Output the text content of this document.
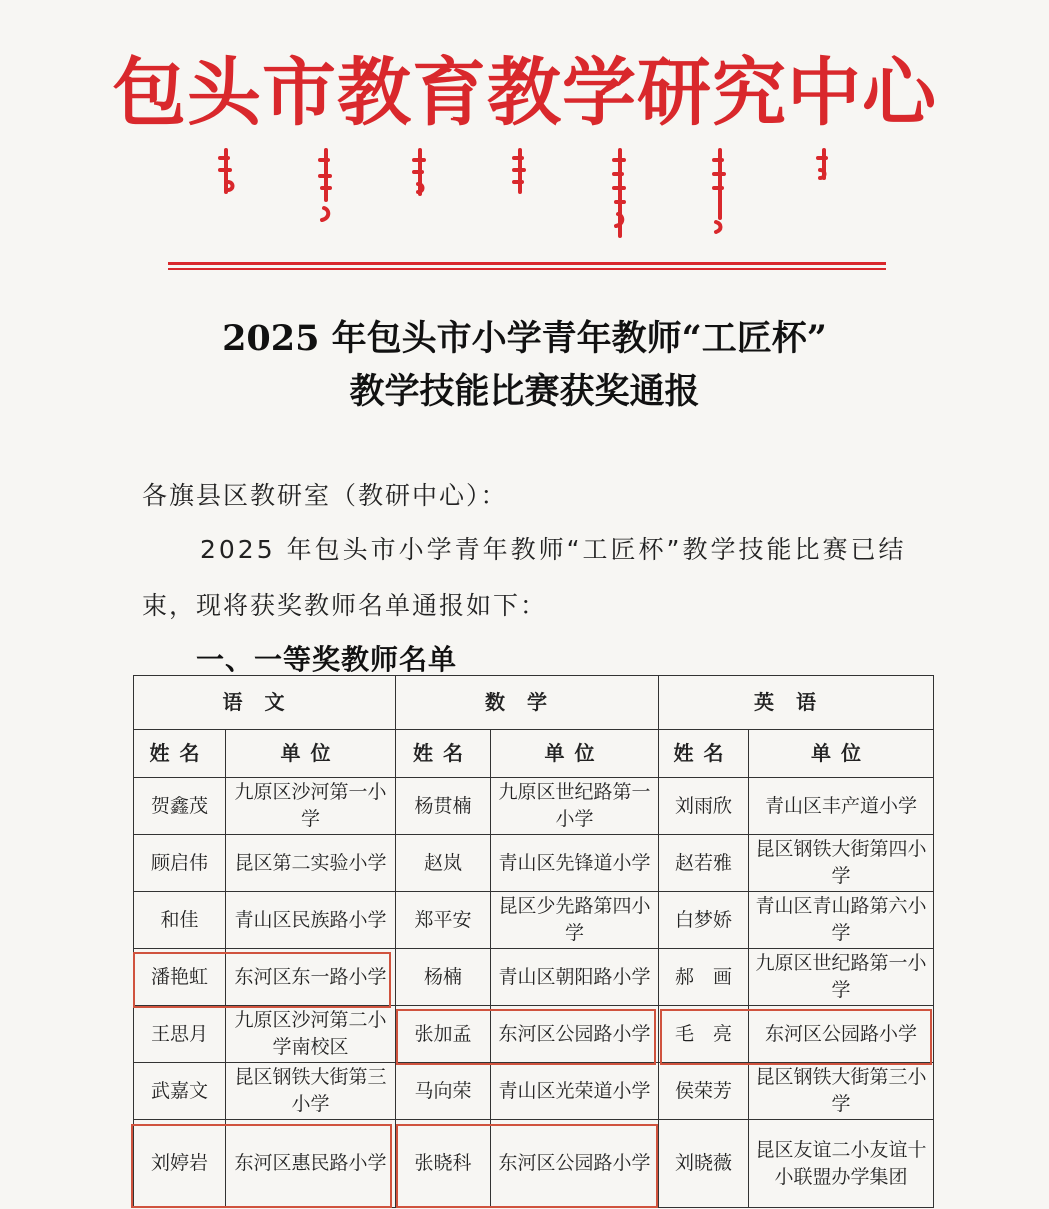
包头市教育教学研究中心
2025 年包头市小学青年教师“工匠杯”
教学技能比赛获奖通报
各旗县区教研室（教研中心）：
2025 年包头市小学青年教师“工匠杯”教学技能比赛已结
束，现将获奖教师名单通报如下：
一、一等奖教师名单
语文		数学		英语	
姓名	单位	姓名	单位	姓名	单位
贺鑫茂	九原区沙河第一小学	杨贯楠	九原区世纪路第一小学	刘雨欣	青山区丰产道小学
顾启伟	昆区第二实验小学	赵岚	青山区先锋道小学	赵若雅	昆区钢铁大街第四小学
和佳	青山区民族路小学	郑平安	昆区少先路第四小学	白梦娇	青山区青山路第六小学
潘艳虹	东河区东一路小学	杨楠	青山区朝阳路小学	郝　画	九原区世纪路第一小学
王思月	九原区沙河第二小学南校区	张加孟	东河区公园路小学	毛　亮	东河区公园路小学
武嘉文	昆区钢铁大街第三小学	马向荣	青山区光荣道小学	侯荣芳	昆区钢铁大街第三小学
刘婷岩	东河区惠民路小学	张晓科	东河区公园路小学	刘晓薇	昆区友谊二小友谊十小联盟办学集团
